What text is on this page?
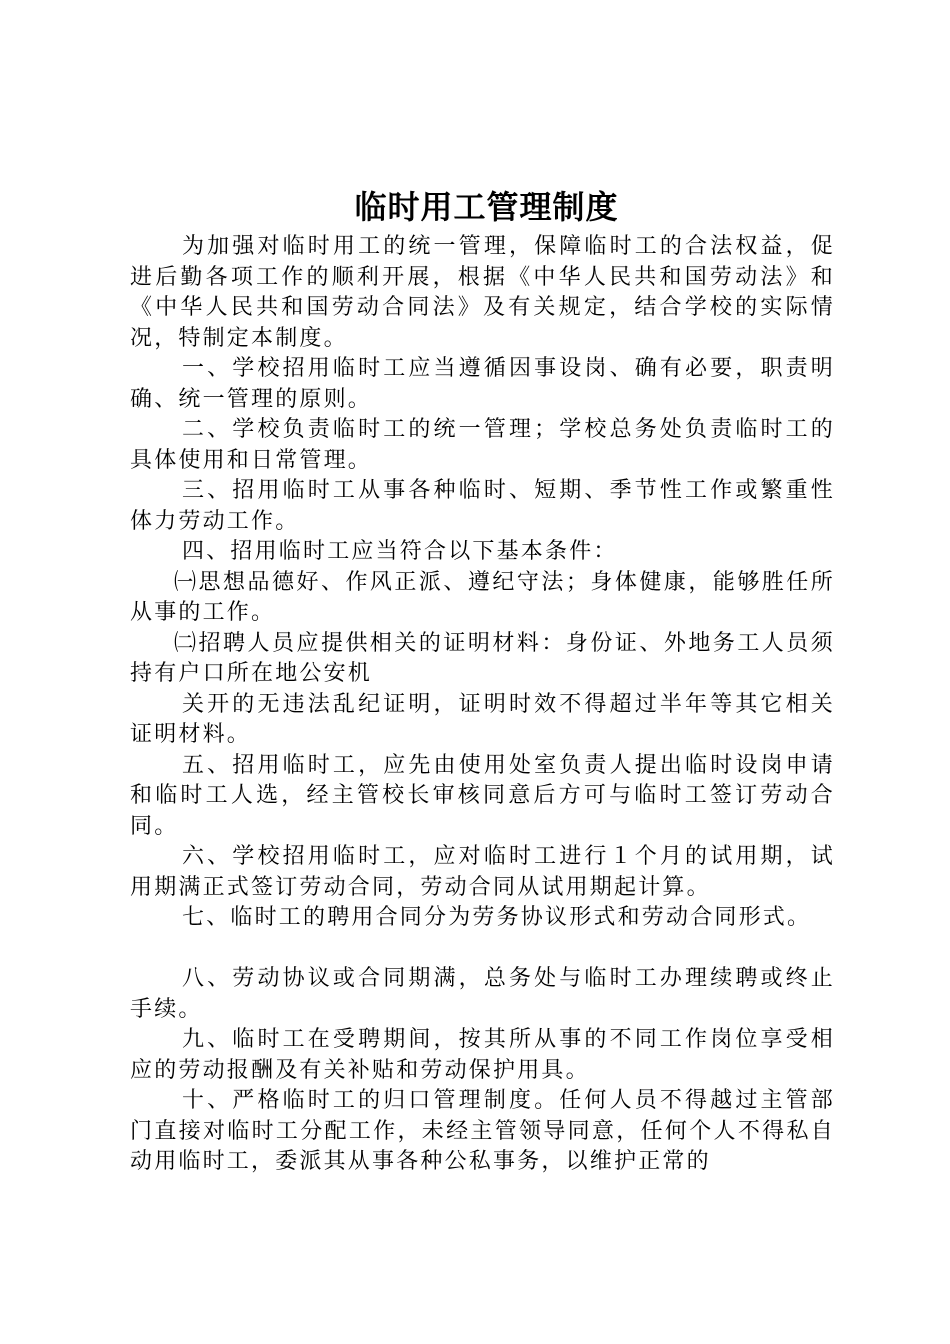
临时用工管理制度

为加强对临时用工的统一管理，保障临时工的合法权益，促进后勤各项工作的顺利开展，根据《中华人民共和国劳动法》和《中华人民共和国劳动合同法》及有关规定，结合学校的实际情况，特制定本制度。

一、学校招用临时工应当遵循因事设岗、确有必要，职责明确、统一管理的原则。

二、学校负责临时工的统一管理；学校总务处负责临时工的具体使用和日常管理。

三、招用临时工从事各种临时、短期、季节性工作或繁重性体力劳动工作。

四、招用临时工应当符合以下基本条件：

㈠思想品德好、作风正派、遵纪守法；身体健康，能够胜任所从事的工作。

㈡招聘人员应提供相关的证明材料：身份证、外地务工人员须持有户口所在地公安机

关开的无违法乱纪证明，证明时效不得超过半年等其它相关证明材料。

五、招用临时工，应先由使用处室负责人提出临时设岗申请和临时工人选，经主管校长审核同意后方可与临时工签订劳动合同。

六、学校招用临时工，应对临时工进行１个月的试用期，试用期满正式签订劳动合同，劳动合同从试用期起计算。

七、临时工的聘用合同分为劳务协议形式和劳动合同形式。

八、劳动协议或合同期满，总务处与临时工办理续聘或终止手续。

九、临时工在受聘期间，按其所从事的不同工作岗位享受相应的劳动报酬及有关补贴和劳动保护用具。

十、严格临时工的归口管理制度。任何人员不得越过主管部门直接对临时工分配工作，未经主管领导同意，任何个人不得私自动用临时工，委派其从事各种公私事务，以维护正常的
